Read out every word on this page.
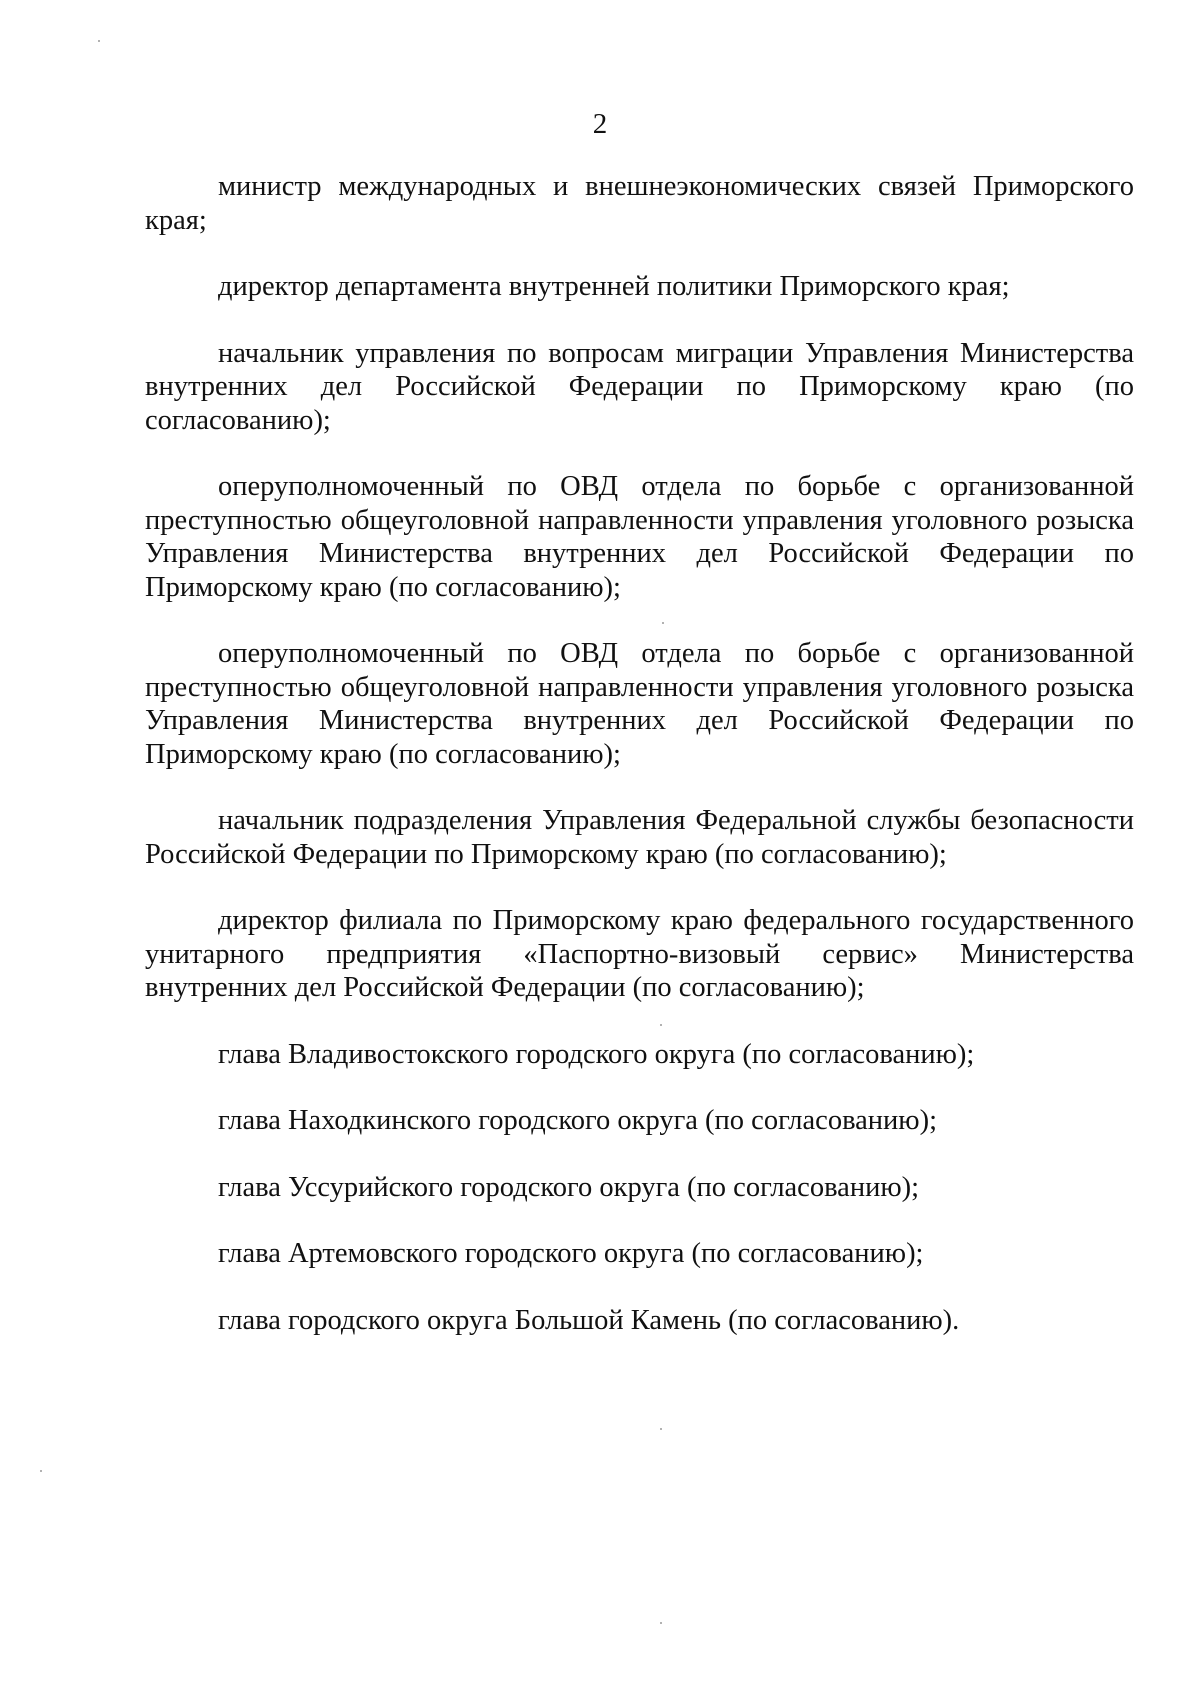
2

министр международных и внешнеэкономических связей Приморского края;

директор департамента внутренней политики Приморского края;

начальник управления по вопросам миграции Управления Министерства внутренних дел Российской Федерации по Приморскому краю (по согласованию);

оперуполномоченный по ОВД отдела по борьбе с организованной преступностью общеуголовной направленности управления уголовного розыска Управления Министерства внутренних дел Российской Федерации по Приморскому краю (по согласованию);

оперуполномоченный по ОВД отдела по борьбе с организованной преступностью общеуголовной направленности управления уголовного розыска Управления Министерства внутренних дел Российской Федерации по Приморскому краю (по согласованию);

начальник подразделения Управления Федеральной службы безопасности Российской Федерации по Приморскому краю (по согласованию);

директор филиала по Приморскому краю федерального государственного унитарного предприятия «Паспортно-визовый сервис» Министерства внутренних дел Российской Федерации (по согласованию);

глава Владивостокского городского округа (по согласованию);

глава Находкинского городского округа (по согласованию);

глава Уссурийского городского округа (по согласованию);

глава Артемовского городского округа (по согласованию);

глава городского округа Большой Камень (по согласованию).
